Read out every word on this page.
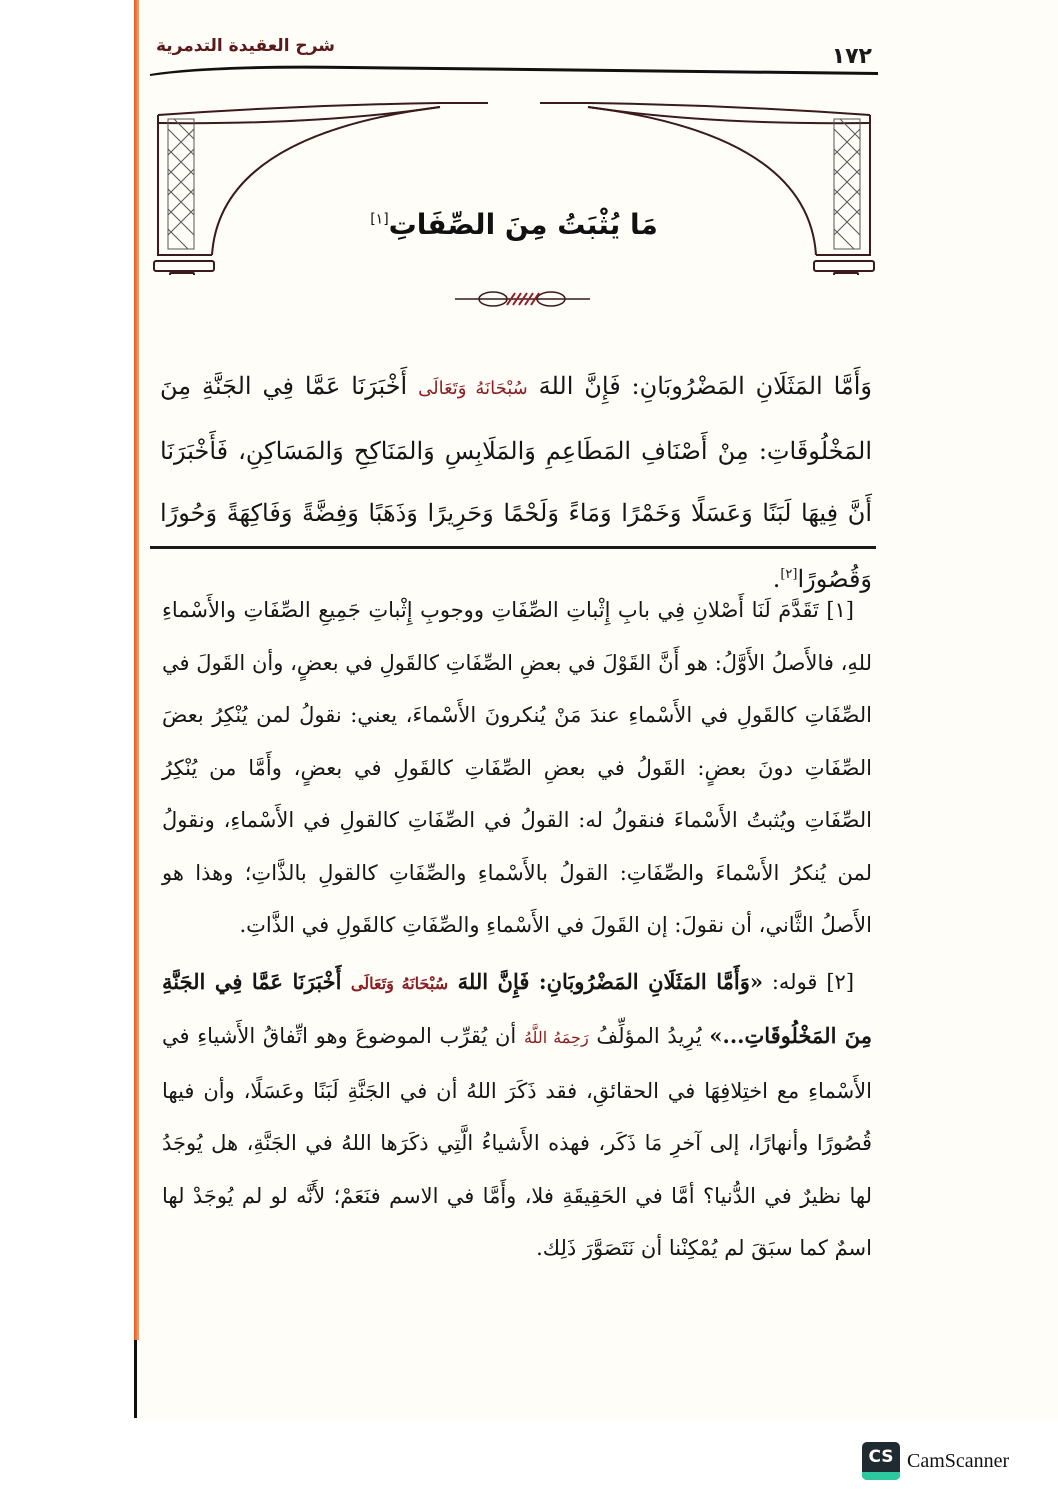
١٧٢
شرح العقيدة التدمرية
مَا يُثْبَتُ مِنَ الصِّفَاتِ[١]
وَأَمَّا المَثَلَانِ المَضْرُوبَانِ: فَإِنَّ اللهَ سُبْحَانَهُ وَتَعَالَى أَخْبَرَنَا عَمَّا فِي الجَنَّةِ مِنَ المَخْلُوقَاتِ: مِنْ أَصْنَافِ المَطَاعِمِ وَالمَلَابِسِ وَالمَنَاكِحِ وَالمَسَاكِنِ، فَأَخْبَرَنَا أَنَّ فِيهَا لَبَنًا وَعَسَلًا وَخَمْرًا وَمَاءً وَلَحْمًا وَحَرِيرًا وَذَهَبًا وَفِضَّةً وَفَاكِهَةً وَحُورًا وَقُصُورًا[٢].

[١] تَقَدَّمَ لَنَا أَصْلانِ فِي بابِ إِثْباتِ الصِّفَاتِ ووجوبِ إِثْباتِ جَمِيعِ الصِّفَاتِ والأَسْماءِ للهِ، فالأَصلُ الأَوَّلُ: هو أَنَّ القَوْلَ في بعضِ الصِّفَاتِ كالقَولِ في بعضٍ، وأن القَولَ في الصِّفَاتِ كالقَولِ في الأَسْماءِ عندَ مَنْ يُنكرونَ الأَسْماءَ، يعني: نقولُ لمن يُنْكِرُ بعضَ الصِّفَاتِ دونَ بعضٍ: القَولُ في بعضِ الصِّفَاتِ كالقَولِ في بعضٍ، وأَمَّا من يُنْكِرُ الصِّفَاتِ ويُثبتُ الأَسْماءَ فنقولُ له: القولُ في الصِّفَاتِ كالقولِ في الأَسْماءِ، ونقولُ لمن يُنكرُ الأَسْماءَ والصِّفَاتِ: القولُ بالأَسْماءِ والصِّفَاتِ كالقولِ بالذَّاتِ؛ وهذا هو الأَصلُ الثَّاني، أن نقولَ: إن القَولَ في الأَسْماءِ والصِّفَاتِ كالقَولِ في الذَّاتِ.

[٢] قوله: «وَأَمَّا المَثَلَانِ المَضْرُوبَانِ: فَإِنَّ اللهَ سُبْحَانَهُ وَتَعَالَى أَخْبَرَنَا عَمَّا فِي الجَنَّةِ مِنَ المَخْلُوقَاتِ...» يُرِيدُ المؤلِّفُ رَحِمَهُ اللَّهُ أن يُقرِّب الموضوعَ وهو اتِّفاقُ الأَشياءِ في الأَسْماءِ مع اختِلافِهَا في الحقائقِ، فقد ذَكَرَ اللهُ أن في الجَنَّةِ لَبَنًا وعَسَلًا، وأن فيها قُصُورًا وأنهارًا، إلى آخرِ مَا ذَكَر، فهذه الأَشياءُ الَّتِي ذكَرَها اللهُ في الجَنَّةِ، هل يُوجَدُ لها نظيرٌ في الدُّنيا؟ أمَّا في الحَقِيقَةِ فلا، وأَمَّا في الاسم فنَعَمْ؛ لأَنَّه لو لم يُوجَدْ لها اسمٌ كما سبَقَ لم يُمْكِنْنا أن نَتَصَوَّرَ ذَلِك.

CS CamScanner
